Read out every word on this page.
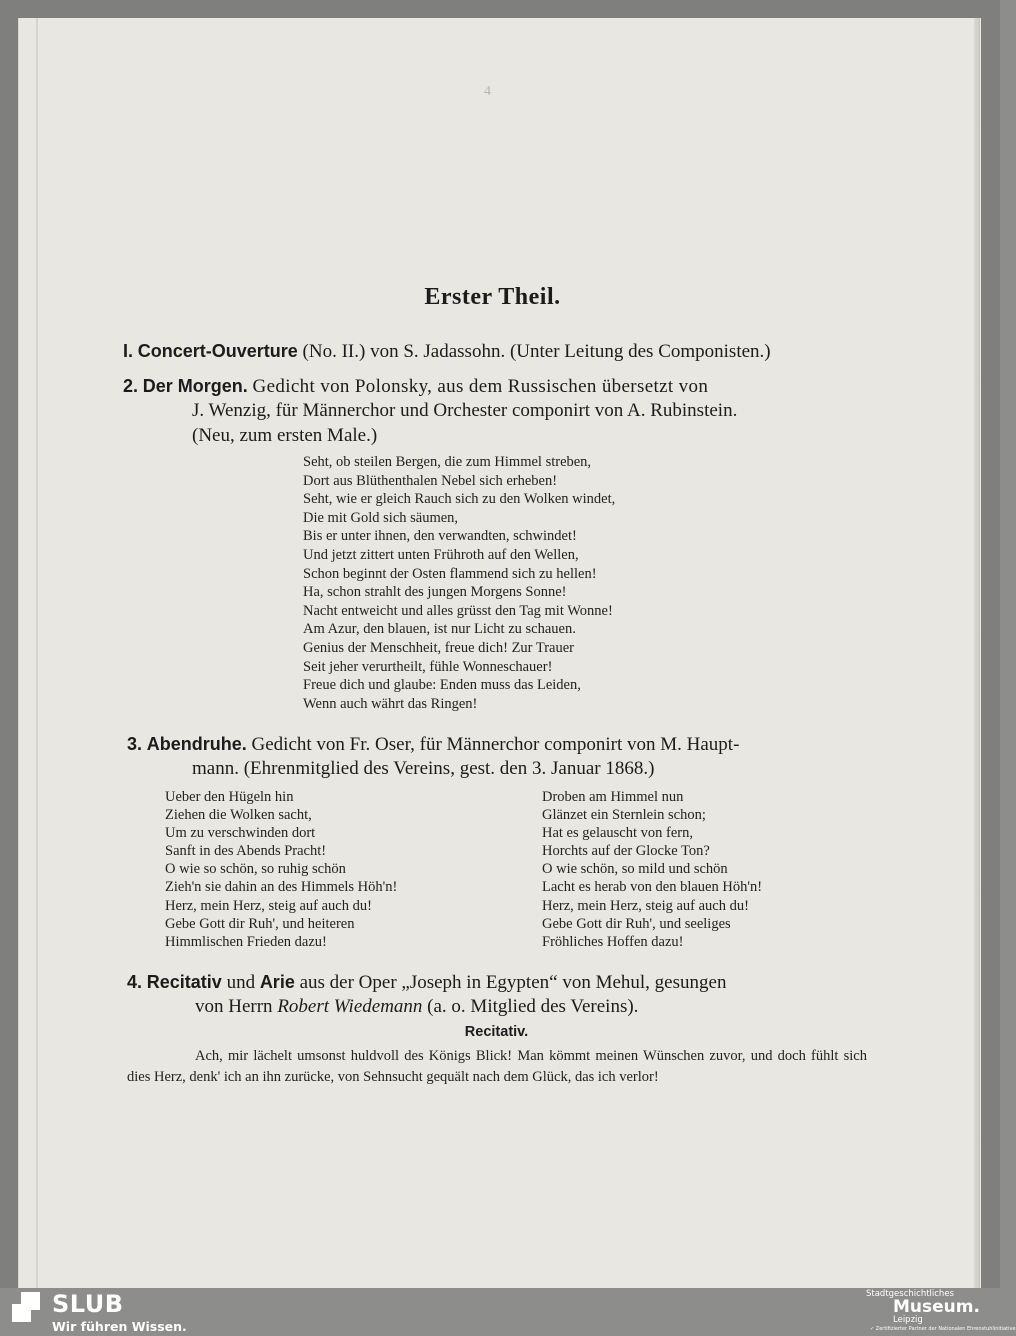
4
Erster Theil.
I. Concert-Ouverture (No. II.) von S. Jadassohn. (Unter Leitung des Componisten.)
2. Der Morgen. Gedicht von Polonsky, aus dem Russischen übersetzt von
J. Wenzig, für Männerchor und Orchester componirt von A. Rubinstein.
(Neu, zum ersten Male.)
Seht, ob steilen Bergen, die zum Himmel streben,
Dort aus Blüthenthalen Nebel sich erheben!
Seht, wie er gleich Rauch sich zu den Wolken windet,
Die mit Gold sich säumen,
Bis er unter ihnen, den verwandten, schwindet!
Und jetzt zittert unten Frühroth auf den Wellen,
Schon beginnt der Osten flammend sich zu hellen!
Ha, schon strahlt des jungen Morgens Sonne!
Nacht entweicht und alles grüsst den Tag mit Wonne!
Am Azur, den blauen, ist nur Licht zu schauen.
Genius der Menschheit, freue dich! Zur Trauer
Seit jeher verurtheilt, fühle Wonneschauer!
Freue dich und glaube: Enden muss das Leiden,
Wenn auch währt das Ringen!
3. Abendruhe. Gedicht von Fr. Oser, für Männerchor componirt von M. Haupt-
mann. (Ehrenmitglied des Vereins, gest. den 3. Januar 1868.)
Ueber den Hügeln hin
Ziehen die Wolken sacht,
Um zu verschwinden dort
Sanft in des Abends Pracht!
O wie so schön, so ruhig schön
Zieh'n sie dahin an des Himmels Höh'n!
Herz, mein Herz, steig auf auch du!
Gebe Gott dir Ruh', und heiteren
Himmlischen Frieden dazu!
Droben am Himmel nun
Glänzet ein Sternlein schon;
Hat es gelauscht von fern,
Horchts auf der Glocke Ton?
O wie schön, so mild und schön
Lacht es herab von den blauen Höh'n!
Herz, mein Herz, steig auf auch du!
Gebe Gott dir Ruh', und seeliges
Fröhliches Hoffen dazu!
4. Recitativ und Arie aus der Oper „Joseph in Egypten“ von Mehul, gesungen
von Herrn Robert Wiedemann (a. o. Mitglied des Vereins).
Recitativ.
Ach, mir lächelt umsonst huldvoll des Königs Blick! Man kömmt meinen Wünschen zuvor, und doch fühlt sich dies Herz, denk' ich an ihn zurücke, von Sehnsucht gequält nach dem Glück, das ich verlor!
SLUB
Wir führen Wissen.
Stadtgeschichtliches
Museum.
Leipzig
✓ Zertifizierter Partner der Nationalen Ehrenstuhlinitiative
